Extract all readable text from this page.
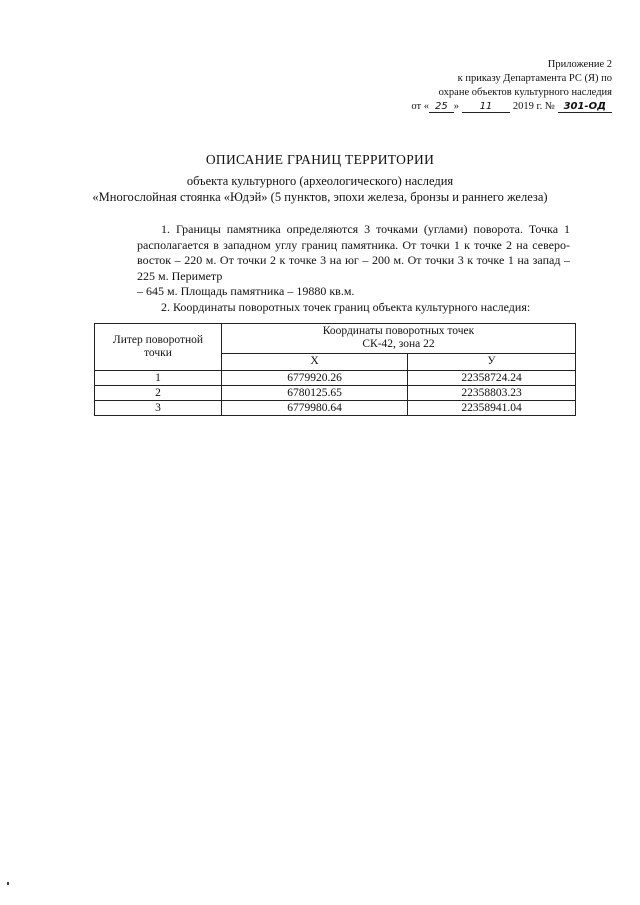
Приложение 2
к приказу Департамента РС (Я) по
охране объектов культурного наследия
от « 25 » 11 2019 г. № 301-ОД
ОПИСАНИЕ ГРАНИЦ ТЕРРИТОРИИ
объекта культурного (археологического) наследия
«Многослойная стоянка «Юдэй» (5 пунктов, эпохи железа, бронзы и раннего железа)

1. Границы памятника определяются 3 точками (углами) поворота. Точка 1 располагается в западном углу границ памятника. От точки 1 к точке 2 на северо-восток – 220 м. От точки 2 к точке 3 на юг – 200 м. От точки 3 к точке 1 на запад – 225 м. Периметр

– 645 м. Площадь памятника – 19880 кв.м.

2. Координаты поворотных точек границ объекта культурного наследия:

Литер поворотной точки	Координаты поворотных точек
СК-42, зона 22	

	X	У
1	6779920.26	22358724.24
2	6780125.65	22358803.23
3	6779980.64	22358941.04
